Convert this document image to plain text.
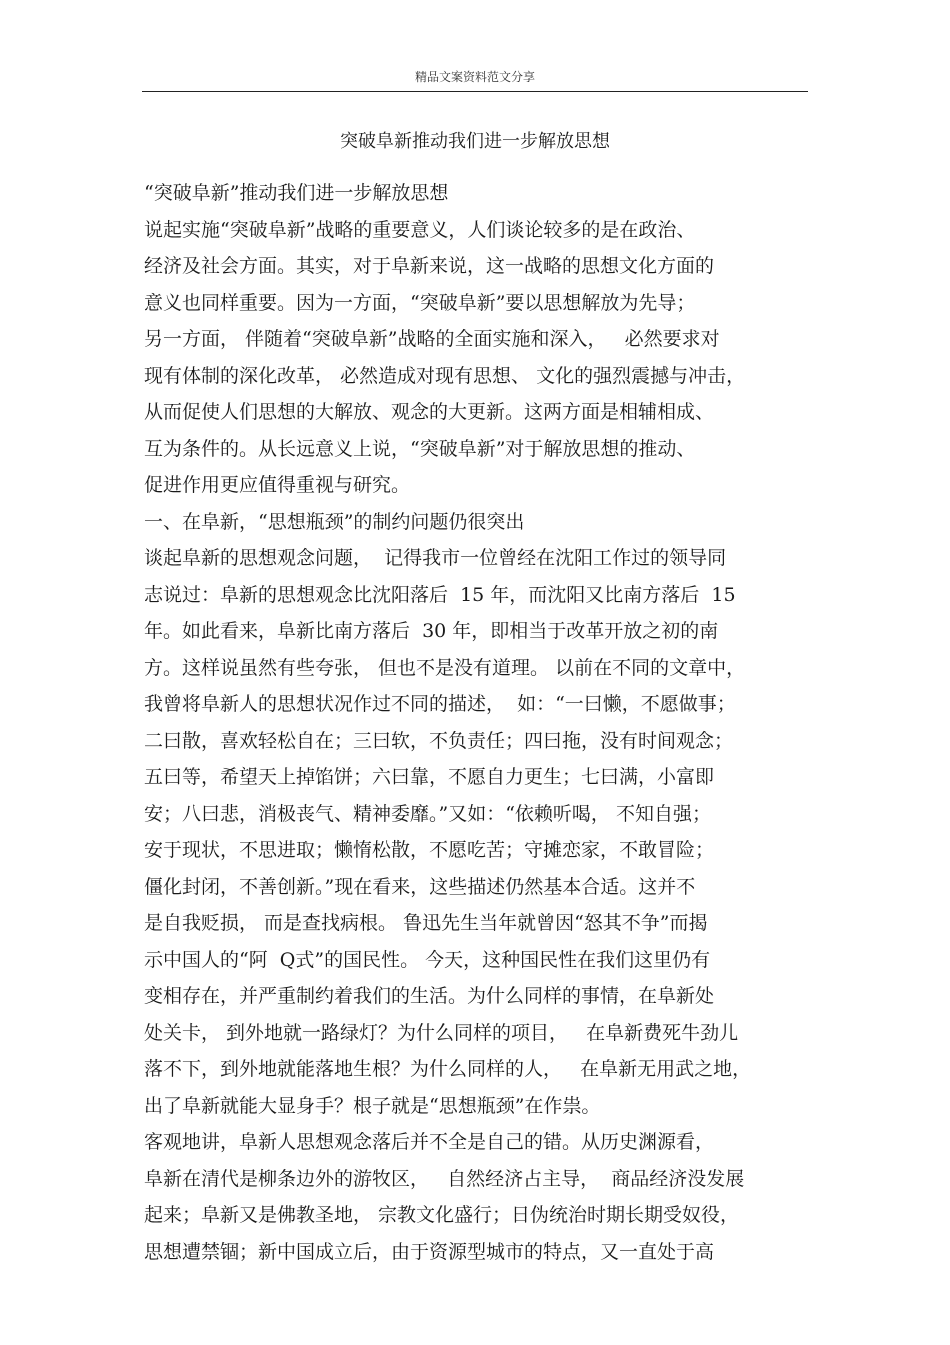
精品文案资料范文分享
突破阜新推动我们进一步解放思想
“突破阜新”推动我们进一步解放思想
说起实施“突破阜新”战略的重要意义，人们谈论较多的是在政治、
经济及社会方面。其实，对于阜新来说，这一战略的思想文化方面的
意义也同样重要。因为一方面，“突破阜新”要以思想解放为先导；
另一方面， 伴随着“突破阜新”战略的全面实施和深入，   必然要求对
现有体制的深化改革， 必然造成对现有思想、 文化的强烈震撼与冲击，
从而促使人们思想的大解放、观念的大更新。这两方面是相辅相成、
互为条件的。从长远意义上说，“突破阜新”对于解放思想的推动、
促进作用更应值得重视与研究。
一、在阜新，“思想瓶颈”的制约问题仍很突出
谈起阜新的思想观念问题，  记得我市一位曾经在沈阳工作过的领导同
志说过：阜新的思想观念比沈阳落后  15 年，而沈阳又比南方落后  15
年。如此看来，阜新比南方落后  30 年，即相当于改革开放之初的南
方。这样说虽然有些夸张， 但也不是没有道理。 以前在不同的文章中，
我曾将阜新人的思想状况作过不同的描述，  如：“一曰懒，不愿做事；
二曰散，喜欢轻松自在；三曰软，不负责任；四曰拖，没有时间观念；
五曰等，希望天上掉馅饼；六曰靠，不愿自力更生；七曰满，小富即
安；八曰悲，消极丧气、精神委靡。”又如：“依赖听喝， 不知自强；
安于现状，不思进取；懒惰松散，不愿吃苦；守摊恋家，不敢冒险；
僵化封闭，不善创新。”现在看来，这些描述仍然基本合适。这并不
是自我贬损， 而是查找病根。 鲁迅先生当年就曾因“怒其不争”而揭
示中国人的“阿  Q式”的国民性。 今天，这种国民性在我们这里仍有
变相存在，并严重制约着我们的生活。为什么同样的事情，在阜新处
处关卡， 到外地就一路绿灯？为什么同样的项目，   在阜新费死牛劲儿
落不下，到外地就能落地生根？为什么同样的人，   在阜新无用武之地，
出了阜新就能大显身手？根子就是“思想瓶颈”在作祟。
客观地讲，阜新人思想观念落后并不全是自己的错。从历史渊源看，
阜新在清代是柳条边外的游牧区，   自然经济占主导，  商品经济没发展
起来；阜新又是佛教圣地， 宗教文化盛行；日伪统治时期长期受奴役，
思想遭禁锢；新中国成立后，由于资源型城市的特点，又一直处于高
